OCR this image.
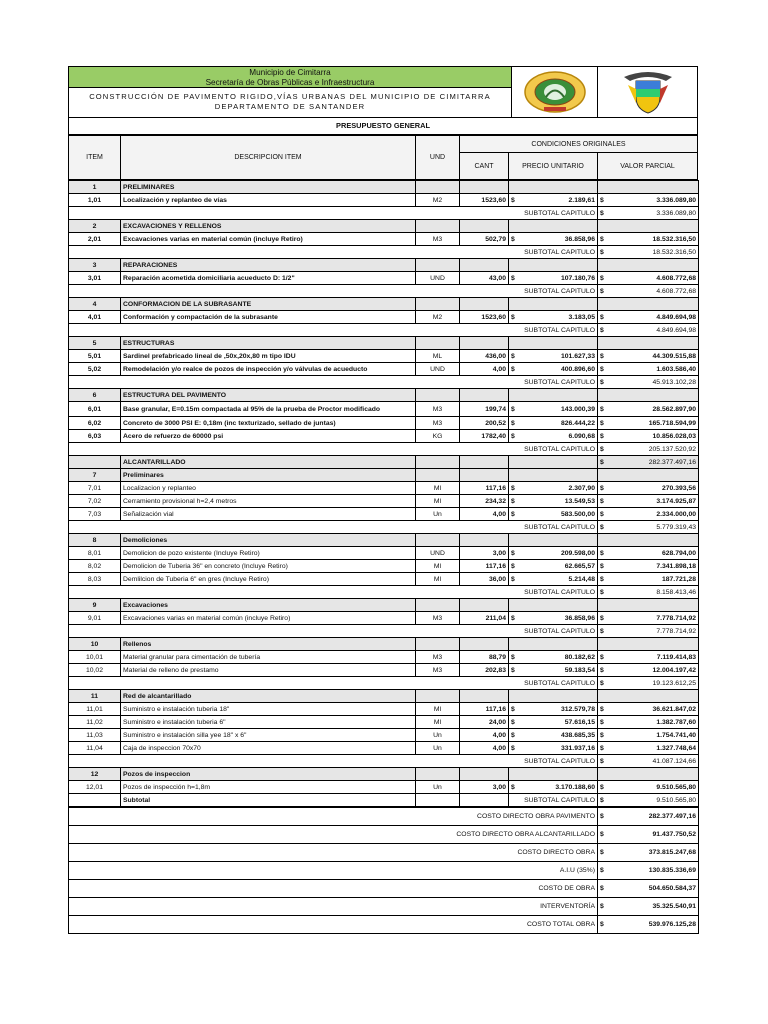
Municipio de Cimitarra
Secretaría de Obras Públicas e Infraestructura
CONSTRUCCIÓN DE PAVIMENTO RIGIDO,VÍAS URBANAS DEL MUNICIPIO DE CIMITARRA DEPARTAMENTO DE SANTANDER
PRESUPUESTO GENERAL
ITEM	DESCRIPCION ITEM	UND
CONDICIONES ORIGINALES
CANT	PRECIO UNITARIO	VALOR PARCIAL
1	PRELIMINARES				
1,01	Localización y replanteo de vías	M2	1523,60	$ 2.189,61	$ 3.336.089,80

			SUBTOTAL CAPITULO		$ 3.336.089,80

2	EXCAVACIONES Y RELLENOS				
2,01	Excavaciones varias en material común (incluye Retiro)	M3	502,79	$ 36.858,96	$ 18.532.316,50

			SUBTOTAL CAPITULO		$ 18.532.316,50

3	REPARACIONES				
3,01	Reparación acometida domiciliaria acueducto D: 1/2"	UND	43,00	$ 107.180,76	$ 4.608.772,68

			SUBTOTAL CAPITULO		$ 4.608.772,68

4	CONFORMACION DE LA SUBRASANTE				
4,01	Conformación y compactación de la subrasante	M2	1523,60	$ 3.183,05	$ 4.849.694,98

			SUBTOTAL CAPITULO		$ 4.849.694,98

5	ESTRUCTURAS				
5,01	Sardinel prefabricado lineal de ,50x,20x,80 m tipo IDU	ML	436,00	$ 101.627,33	$ 44.309.515,88

5,02	Remodelación y/o realce de pozos de inspección y/o válvulas de acueducto	UND	4,00	$ 400.896,60	$ 1.603.586,40

			SUBTOTAL CAPITULO		$ 45.913.102,28

6	ESTRUCTURA DEL PAVIMENTO				
6,01	Base granular, E=0.15m compactada al 95% de la prueba de Proctor modificado	M3	199,74	$ 143.000,39	$ 28.562.897,90

6,02	Concreto de 3000 PSI E: 0,18m (inc texturizado, sellado de juntas)	M3	200,52	$ 826.444,22	$ 165.718.594,99

6,03	Acero de refuerzo de 60000 psi	KG	1782,40	$ 6.090,68	$ 10.856.028,03

			SUBTOTAL CAPITULO		$ 205.137.520,92

	ALCANTARILLADO				$ 282.377.497,16

7	Preliminares				
7,01	Localizacion y replanteo	Ml	117,16	$ 2.307,90	$ 270.393,56

7,02	Cerramiento provisional h=2,4 metros	Ml	234,32	$ 13.549,53	$ 3.174.925,87

7,03	Señalización vial	Un	4,00	$ 583.500,00	$ 2.334.000,00

			SUBTOTAL CAPITULO		$ 5.779.319,43

8	Demoliciones				
8,01	Demolicion de pozo existente (Incluye Retiro)	UND	3,00	$ 209.598,00	$ 628.794,00

8,02	Demolicion de Tuberia 36" en concreto (Incluye Retiro)	Ml	117,16	$ 62.665,57	$ 7.341.898,18

8,03	Demlilcion de Tuberia 6" en gres (Incluye Retiro)	Ml	36,00	$ 5.214,48	$ 187.721,28

			SUBTOTAL CAPITULO		$ 8.158.413,46

9	Excavaciones				
9,01	Excavaciones varias en material común (incluye Retiro)	M3	211,04	$ 36.858,96	$ 7.778.714,92

			SUBTOTAL CAPITULO		$ 7.778.714,92

10	Rellenos				
10,01	Material granular para cimentación de tubería	M3	88,79	$ 80.182,62	$ 7.119.414,83

10,02	Material de relleno de prestamo	M3	202,83	$ 59.183,54	$ 12.004.197,42

			SUBTOTAL CAPITULO		$ 19.123.612,25

11	Red de alcantarillado				
11,01	Suministro e instalación tuberia 18"	Ml	117,16	$ 312.579,78	$ 36.621.847,02

11,02	Suministro e instalación tuberia 6"	Ml	24,00	$ 57.616,15	$ 1.382.787,60

11,03	Suministro e instalación silla yee 18" x 6"	Un	4,00	$ 438.685,35	$ 1.754.741,40

11,04	Caja de inspeccion 70x70	Un	4,00	$ 331.937,16	$ 1.327.748,64

			SUBTOTAL CAPITULO		$ 41.087.124,66

12	Pozos de inspeccion				
12,01	Pozos de inspección h=1,8m	Un	3,00	$ 3.170.188,60	$ 9.510.565,80

	Subtotal			SUBTOTAL CAPITULO	$ 9.510.565,80
COSTO DIRECTO OBRA PAVIMENTO	$ 282.377.497,16

COSTO DIRECTO OBRA ALCANTARILLADO	$ 91.437.750,52

COSTO DIRECTO OBRA	$ 373.815.247,68

A.I.U (35%)	$ 130.835.336,69

COSTO DE OBRA	$ 504.650.584,37

INTERVENTORÍA	$ 35.325.540,91

COSTO TOTAL OBRA	$ 539.976.125,28
